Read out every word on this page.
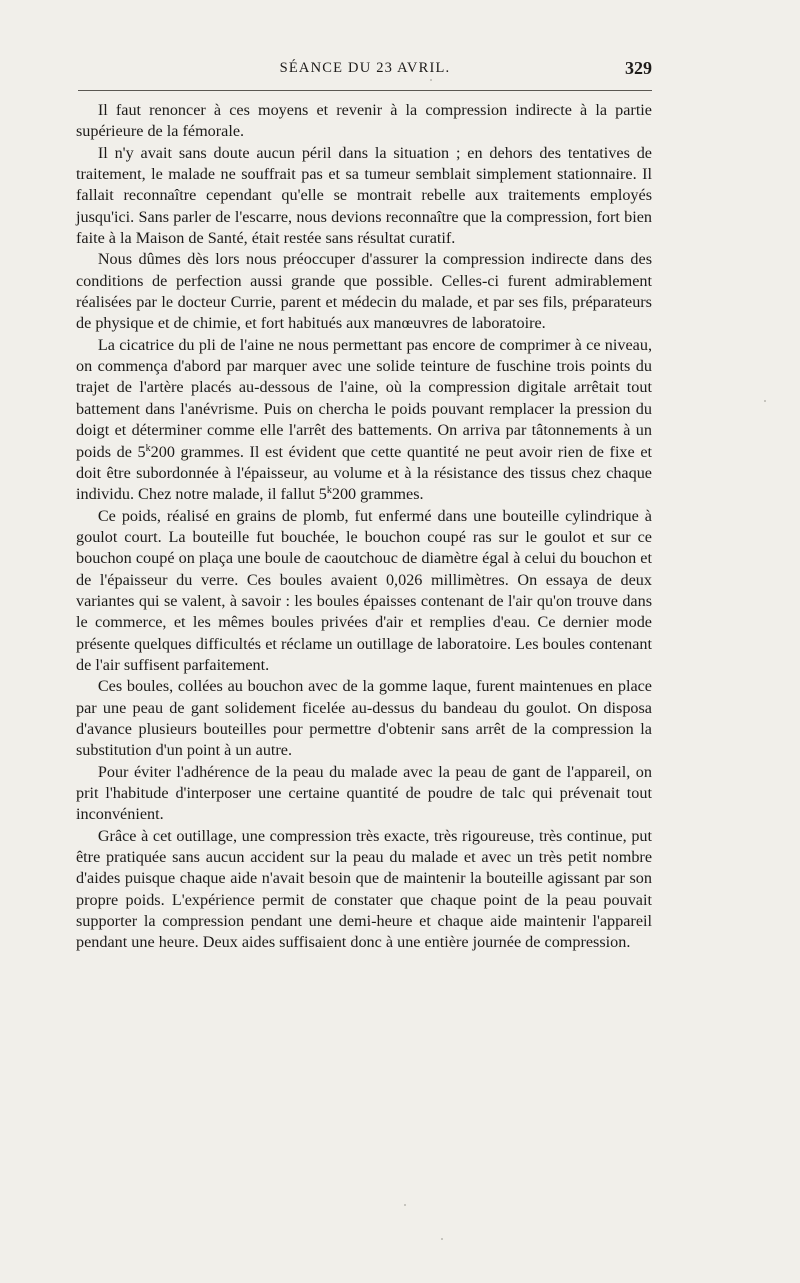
SÉANCE DU 23 AVRIL.	329

Il faut renoncer à ces moyens et revenir à la compression indirecte à la partie supérieure de la fémorale.

Il n'y avait sans doute aucun péril dans la situation ; en dehors des tentatives de traitement, le malade ne souffrait pas et sa tumeur semblait simplement stationnaire. Il fallait reconnaître cependant qu'elle se montrait rebelle aux traitements employés jusqu'ici. Sans parler de l'escarre, nous devions reconnaître que la compression, fort bien faite à la Maison de Santé, était restée sans résultat curatif.

Nous dûmes dès lors nous préoccuper d'assurer la compression indirecte dans des conditions de perfection aussi grande que possible. Celles-ci furent admirablement réalisées par le docteur Currie, parent et médecin du malade, et par ses fils, préparateurs de physique et de chimie, et fort habitués aux manœuvres de laboratoire.

La cicatrice du pli de l'aine ne nous permettant pas encore de comprimer à ce niveau, on commença d'abord par marquer avec une solide teinture de fuschine trois points du trajet de l'artère placés au-dessous de l'aine, où la compression digitale arrêtait tout battement dans l'anévrisme. Puis on chercha le poids pouvant remplacer la pression du doigt et déterminer comme elle l'arrêt des battements. On arriva par tâtonnements à un poids de 5$^k$200 grammes. Il est évident que cette quantité ne peut avoir rien de fixe et doit être subordonnée à l'épaisseur, au volume et à la résistance des tissus chez chaque individu. Chez notre malade, il fallut 5$^k$200 grammes.

Ce poids, réalisé en grains de plomb, fut enfermé dans une bouteille cylindrique à goulot court. La bouteille fut bouchée, le bouchon coupé ras sur le goulot et sur ce bouchon coupé on plaça une boule de caoutchouc de diamètre égal à celui du bouchon et de l'épaisseur du verre. Ces boules avaient 0,026 millimètres. On essaya de deux variantes qui se valent, à savoir : les boules épaisses contenant de l'air qu'on trouve dans le commerce, et les mêmes boules privées d'air et remplies d'eau. Ce dernier mode présente quelques difficultés et réclame un outillage de laboratoire. Les boules contenant de l'air suffisent parfaitement.

Ces boules, collées au bouchon avec de la gomme laque, furent maintenues en place par une peau de gant solidement ficelée au-dessus du bandeau du goulot. On disposa d'avance plusieurs bouteilles pour permettre d'obtenir sans arrêt de la compression la substitution d'un point à un autre.

Pour éviter l'adhérence de la peau du malade avec la peau de gant de l'appareil, on prit l'habitude d'interposer une certaine quantité de poudre de talc qui prévenait tout inconvénient.

Grâce à cet outillage, une compression très exacte, très rigoureuse, très continue, put être pratiquée sans aucun accident sur la peau du malade et avec un très petit nombre d'aides puisque chaque aide n'avait besoin que de maintenir la bouteille agissant par son propre poids. L'expérience permit de constater que chaque point de la peau pouvait supporter la compression pendant une demi-heure et chaque aide maintenir l'appareil pendant une heure. Deux aides suffisaient donc à une entière journée de compression.
